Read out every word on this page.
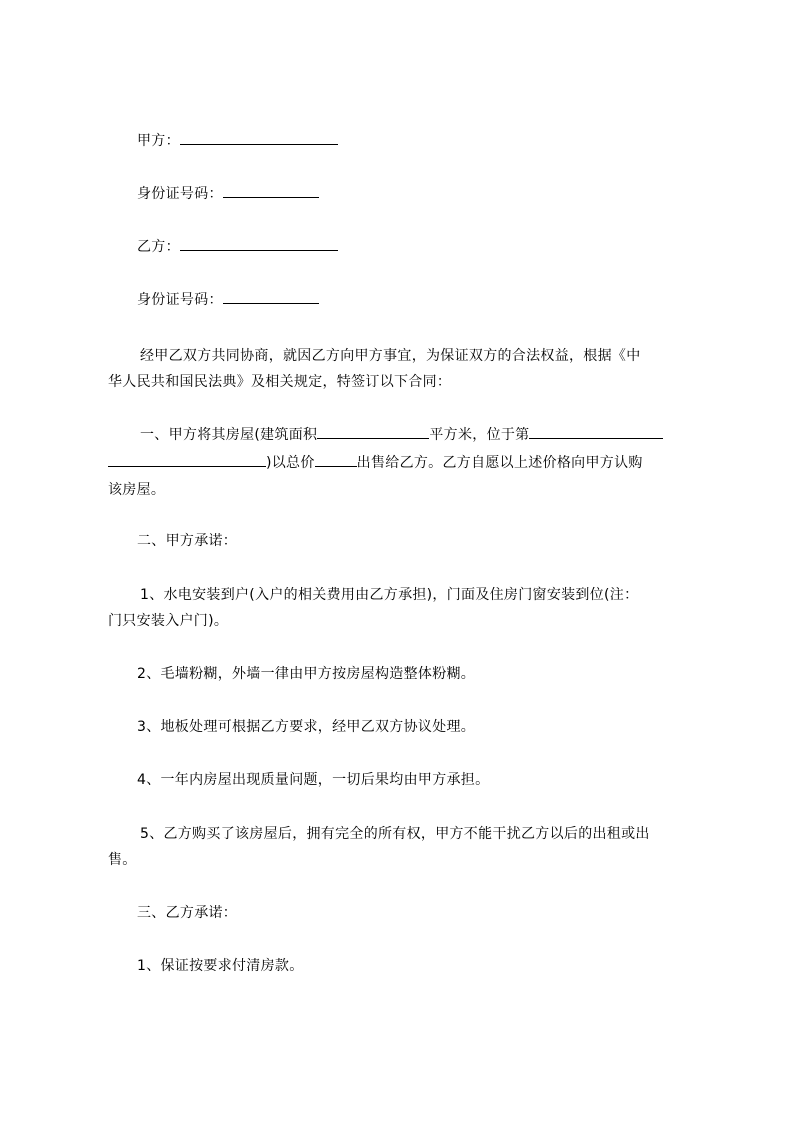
甲方：
身份证号码：
乙方：
身份证号码：
经甲乙双方共同协商，就因乙方向甲方事宜，为保证双方的合法权益，根据《中
华人民共和国民法典》及相关规定，特签订以下合同：
一、甲方将其房屋(建筑面积	平方米，位于第
)以总价	出售给乙方。乙方自愿以上述价格向甲方认购
该房屋。
二、甲方承诺：
1、水电安装到户(入户的相关费用由乙方承担)，门面及住房门窗安装到位(注：
门只安装入户门)。
2、毛墙粉糊，外墙一律由甲方按房屋构造整体粉糊。
3、地板处理可根据乙方要求，经甲乙双方协议处理。
4、一年内房屋出现质量问题，一切后果均由甲方承担。
5、乙方购买了该房屋后，拥有完全的所有权，甲方不能干扰乙方以后的出租或出
售。
三、乙方承诺：
1、保证按要求付清房款。
